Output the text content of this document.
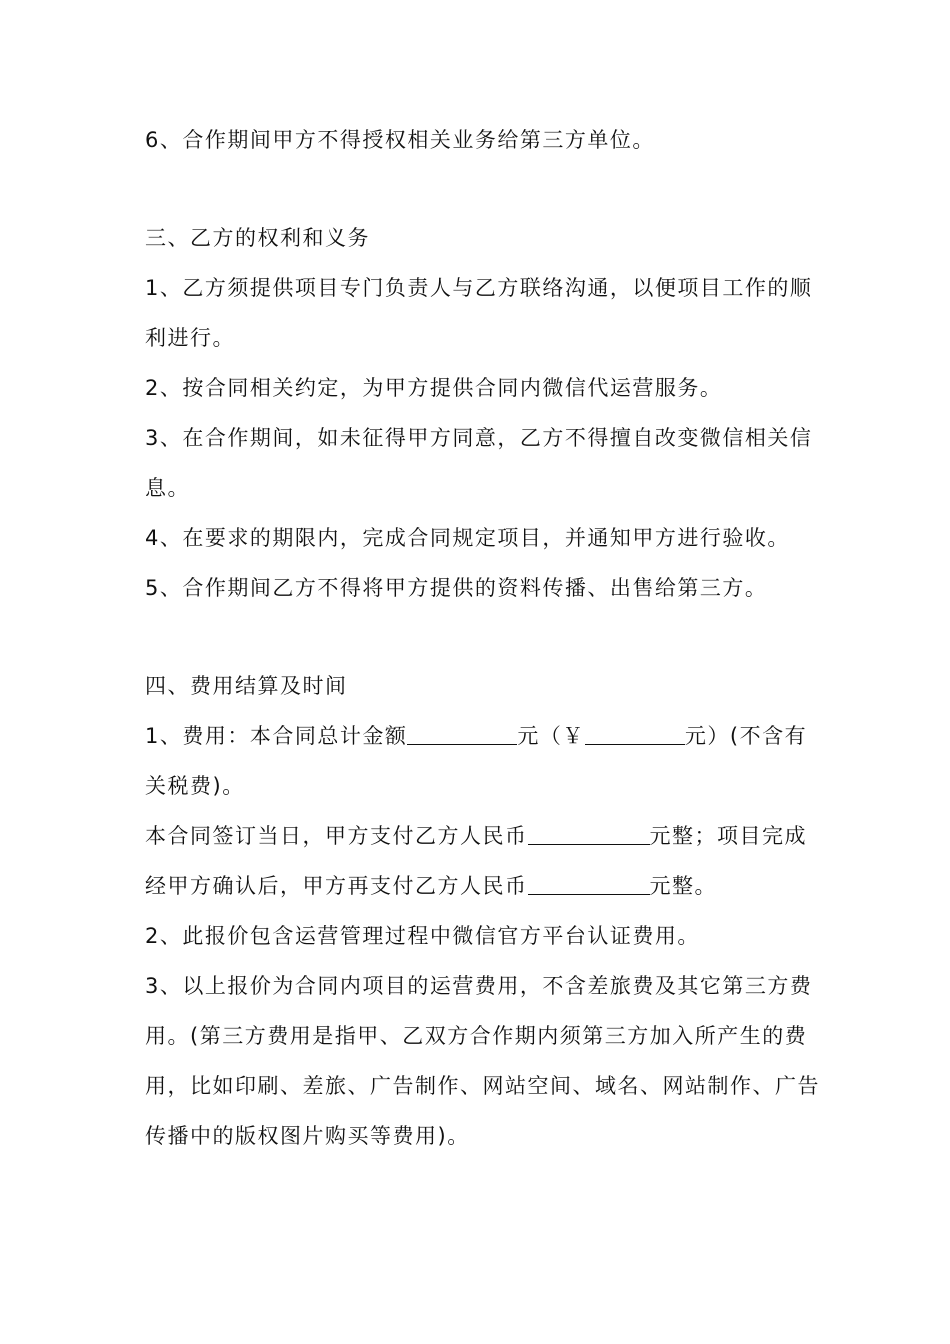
6、合作期间甲方不得授权相关业务给第三方单位。
三、乙方的权利和义务
1、乙方须提供项目专门负责人与乙方联络沟通，以便项目工作的顺
利进行。
2、按合同相关约定，为甲方提供合同内微信代运营服务。
3、在合作期间，如未征得甲方同意，乙方不得擅自改变微信相关信
息。
4、在要求的期限内，完成合同规定项目，并通知甲方进行验收。
5、合作期间乙方不得将甲方提供的资料传播、出售给第三方。
四、费用结算及时间
1、费用：本合同总计金额	元（￥	元）(不含有
关税费)。
本合同签订当日，甲方支付乙方人民币	元整；项目完成
经甲方确认后，甲方再支付乙方人民币	元整。
2、此报价包含运营管理过程中微信官方平台认证费用。
3、以上报价为合同内项目的运营费用，不含差旅费及其它第三方费
用。(第三方费用是指甲、乙双方合作期内须第三方加入所产生的费
用，比如印刷、差旅、广告制作、网站空间、域名、网站制作、广告
传播中的版权图片购买等费用)。
